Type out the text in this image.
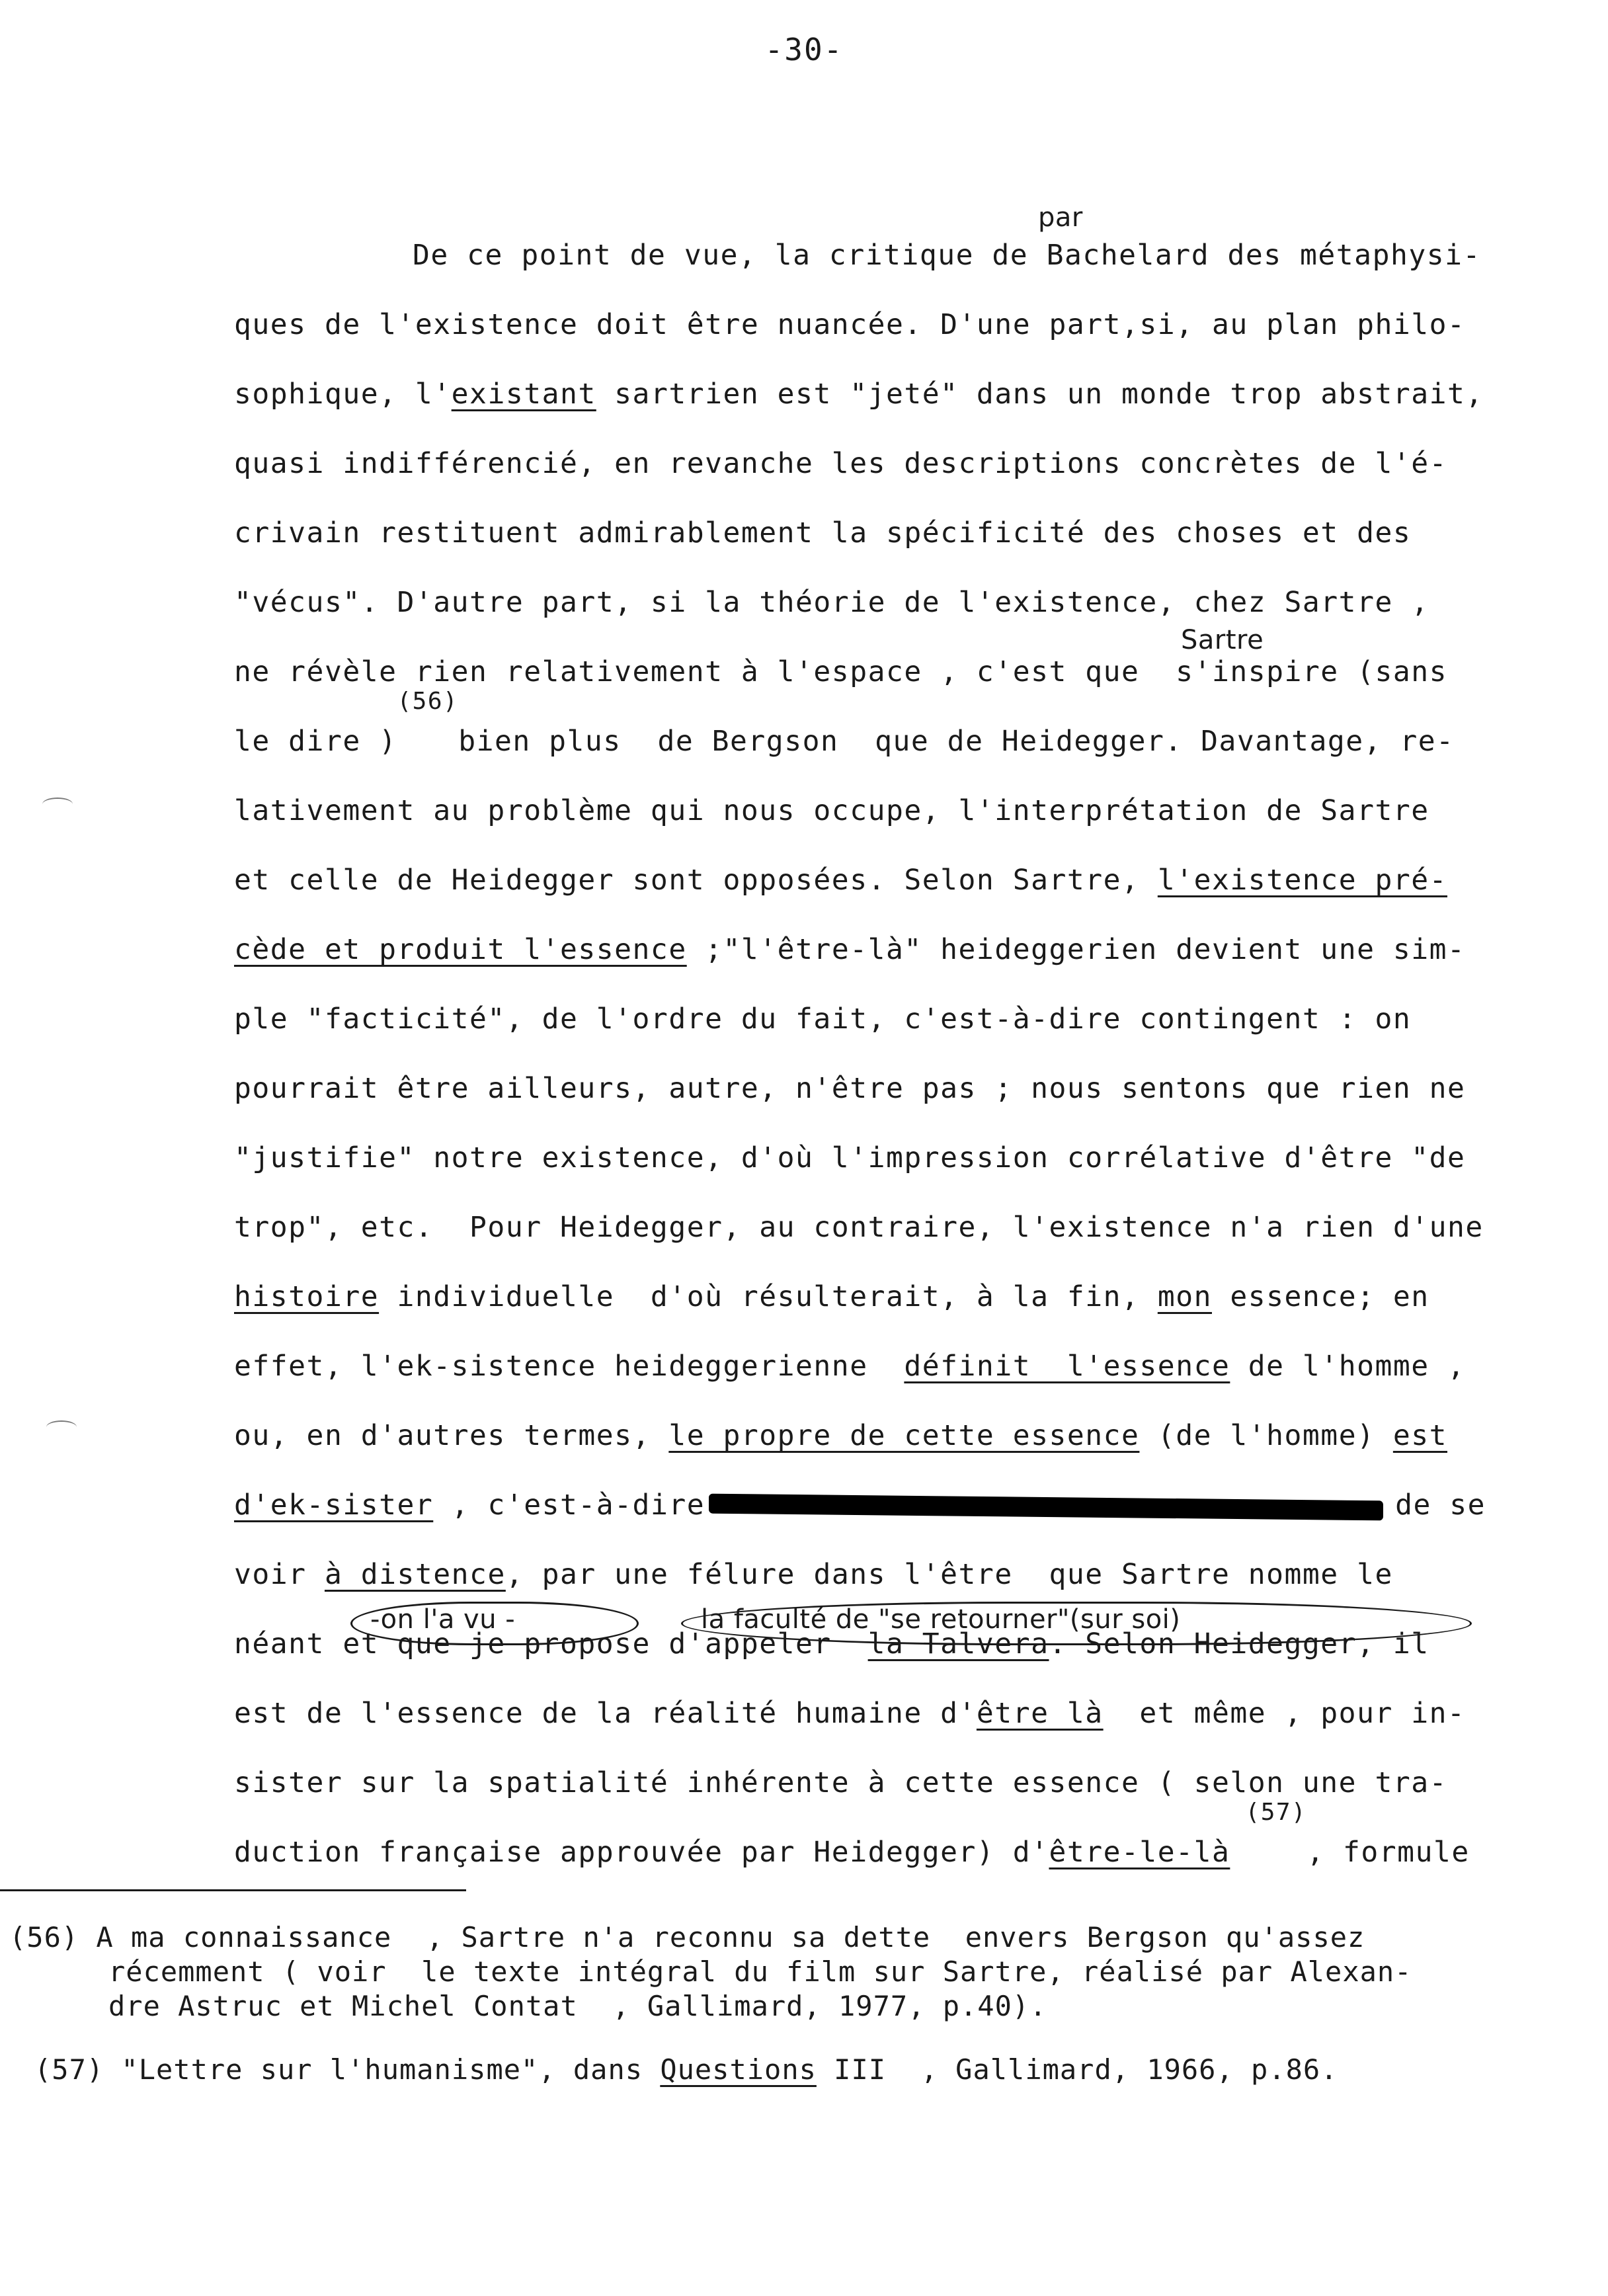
-30-
par
Sartre
-on l'a vu -	la faculté de "se retourner"(sur soi)
De ce point de vue, la critique de Bachelard des métaphysi-
ques de l'existence doit être nuancée. D'une part,si, au plan philo-
sophique, l'existant sartrien est "jeté" dans un monde trop abstrait,
quasi indifférencié, en revanche les descriptions concrètes de l'é-
crivain restituent admirablement la spécificité des choses et des
"vécus". D'autre part, si la théorie de l'existence, chez Sartre ,
ne révèle rien relativement à l'espace , c'est que  s'inspire (sans
le dire )$^{(56)}$bien plus  de Bergson  que de Heidegger. Davantage, re-
lativement au problème qui nous occupe, l'interprétation de Sartre
et celle de Heidegger sont opposées. Selon Sartre, l'existence pré-
cède et produit l'essence ;"l'être-là" heideggerien devient une sim-
ple "facticité", de l'ordre du fait, c'est-à-dire contingent : on
pourrait être ailleurs, autre, n'être pas ; nous sentons que rien ne
"justifie" notre existence, d'où l'impression corrélative d'être "de
trop", etc.  Pour Heidegger, au contraire, l'existence n'a rien d'une
histoire individuelle  d'où résulterait, à la fin, mon essence; en
effet, l'ek-sistence heideggerienne  définit  l'essence de l'homme ,
ou, en d'autres termes, le propre de cette essence (de l'homme) est
d'ek-sister , c'est-à-dire	de se
voir à distence, par une félure dans l'être  que Sartre nomme le
néant et que je propose d'appeler  la Talvera. Selon Heidegger, il
est de l'essence de la réalité humaine d'être là  et même , pour in-
sister sur la spatialité inhérente à cette essence ( selon une tra-
duction française approuvée par Heidegger) d'être-le-là $^{(57)}$, formule
(56) A ma connaissance  , Sartre n'a reconnu sa dette  envers Bergson qu'assez
récemment ( voir  le texte intégral du film sur Sartre, réalisé par Alexan-
dre Astruc et Michel Contat  , Gallimard, 1977, p.40).
(57) "Lettre sur l'humanisme", dans Questions III  , Gallimard, 1966, p.86.
